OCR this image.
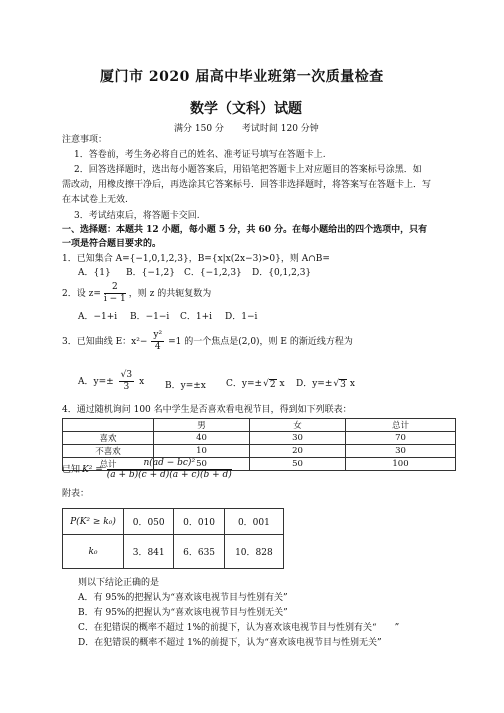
厦门市 2020 届高中毕业班第一次质量检查
数学（文科）试题
满分 150 分　　考试时间 120 分钟
注意事项：
1．答卷前，考生务必将自己的姓名、准考证号填写在答题卡上.
2．回答选择题时，选出每小题答案后，用铅笔把答题卡上对应题目的答案标号涂黑．如
需改动，用橡皮擦干净后，再选涂其它答案标号．回答非选择题时，将答案写在答题卡上．写
在本试卷上无效.
3．考试结束后，将答题卡交回.
一、选择题：本题共 12 小题，每小题 5 分，共 60 分。在每小题给出的四个选项中，只有
一项是符合题目要求的。
1．已知集合 A={−1,0,1,2,3}，B={x|x(2x−3)>0}，则 A∩B=
A．{1} B．{−1,2} C．{−1,2,3} D．{0,1,2,3}
2．设 $z= \frac{2}{i - 1}$ ，则 z 的共轭复数为
A．−1+i B．−1−i C．1+i D．1−i
3．已知曲线 E：$x^2- \frac{\text{y²}}{4} =1$ 的一个焦点是(2,0)，则 E 的渐近线方程为
A．$y=\pm \frac{√3}{3}$ x B．y=±x C．y=± √ 2 x D．y=± √ 3 x
4．通过随机询问 100 名中学生是否喜欢看电视节目，得到如下列联表：
	男	女	总计
喜欢	40	30	70
不喜欢	10	20	30
总计	50	50	100
已知 $K^2 = \frac{\text{n(ad − bc)²}}{(a + b)(c + d)(a + c)(b + d)}$
附表：
P(K² ≥ k₀)	0．050	0．010	0．001
k₀	3．841	6．635	10．828
则以下结论正确的是
A．有 95%的把握认为“喜欢该电视节目与性别有关”
B．有 95%的把握认为“喜欢该电视节目与性别无关”
C．在犯错误的概率不超过 1%的前提下，认为喜欢该电视节目与性别有关“　　”
D．在犯错误的概率不超过 1%的前提下，认为“喜欢该电视节目与性别无关”
